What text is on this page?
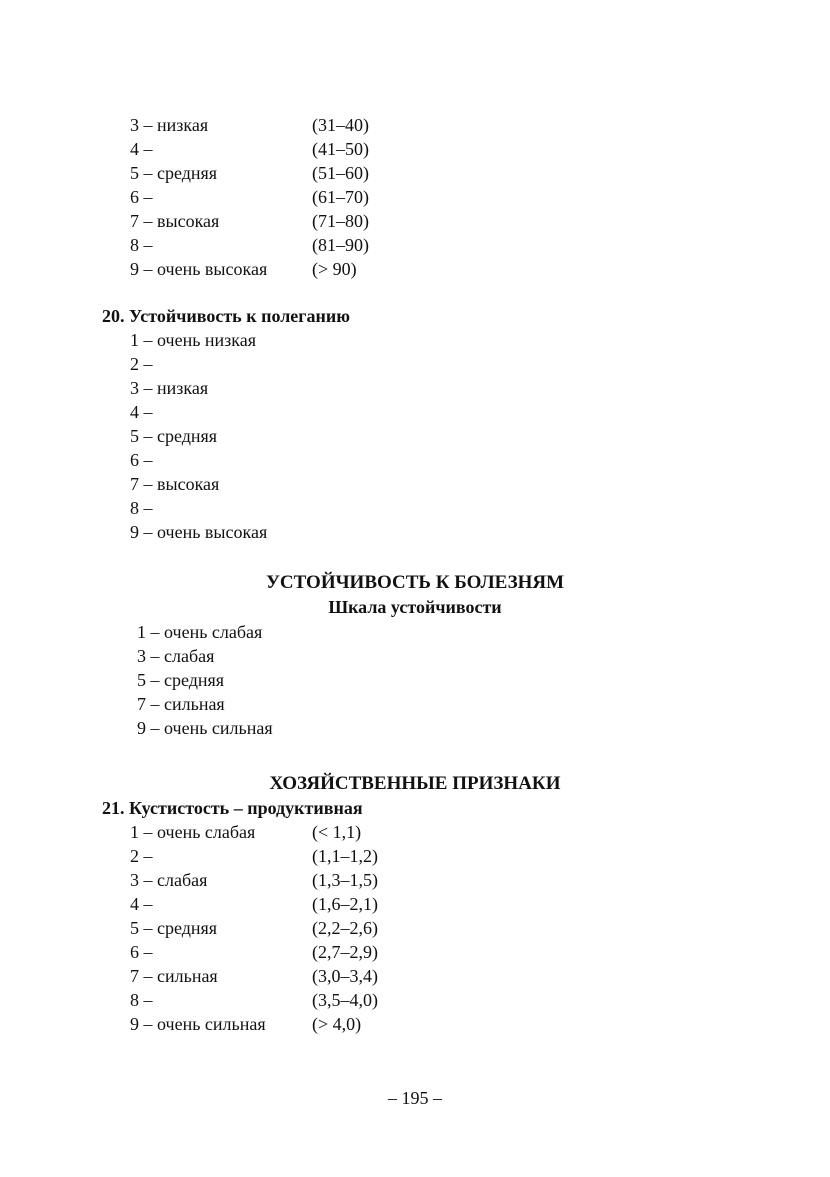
3 – низкая	(31–40)
4 –	(41–50)
5 – средняя	(51–60)
6 –	(61–70)
7 – высокая	(71–80)
8 –	(81–90)
9 – очень высокая (> 90)
20. Устойчивость к полеганию
1 – очень низкая
2 –
3 – низкая
4 –
5 – средняя
6 –
7 – высокая
8 –
9 – очень высокая
УСТОЙЧИВОСТЬ К БОЛЕЗНЯМ
Шкала устойчивости
1 – очень слабая
3 – слабая
5 – средняя
7 – сильная
9 – очень сильная
ХОЗЯЙСТВЕННЫЕ ПРИЗНАКИ
21. Кустистость – продуктивная
1 – очень слабая	(< 1,1)
2 –	(1,1–1,2)
3 – слабая	(1,3–1,5)
4 –	(1,6–2,1)
5 – средняя	(2,2–2,6)
6 –	(2,7–2,9)
7 – сильная	(3,0–3,4)
8 –	(3,5–4,0)
9 – очень сильная	(> 4,0)
– 195 –
